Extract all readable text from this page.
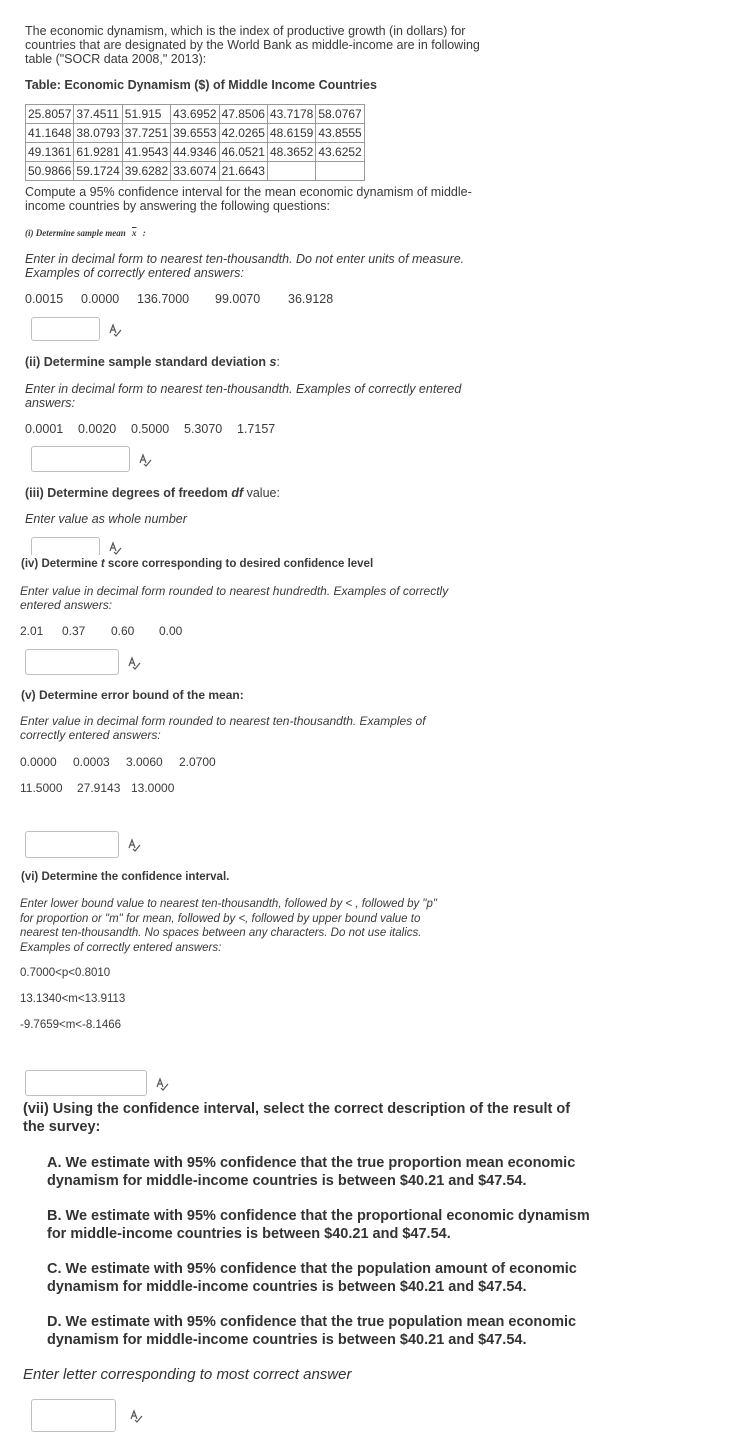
The economic dynamism, which is the index of productive growth (in dollars) for
countries that are designated by the World Bank as middle-income are in following
table ("SOCR data 2008," 2013):
Table: Economic Dynamism ($) of Middle Income Countries
25.8057	37.4511	51.915	43.6952	47.8506	43.7178	58.0767
41.1648	38.0793	37.7251	39.6553	42.0265	48.6159	43.8555
49.1361	61.9281	41.9543	44.9346	46.0521	48.3652	43.6252
50.9866	59.1724	39.6282	33.6074	21.6643		
Compute a 95% confidence interval for the mean economic dynamism of middle-
income countries by answering the following questions:
(i) Determine sample mean $\overline{x}$ :
Enter in decimal form to nearest ten-thousandth. Do not enter units of measure.
Examples of correctly entered answers:
0.0015 0.0000 136.7000 99.0070 36.9128
(ii) Determine sample standard deviation s:
Enter in decimal form to nearest ten-thousandth. Examples of correctly entered
answers:
0.0001 0.0020 0.5000 5.3070 1.7157
(iii) Determine degrees of freedom df value:
Enter value as whole number
(iv) Determine t score corresponding to desired confidence level
Enter value in decimal form rounded to nearest hundredth. Examples of correctly
entered answers:
2.01 0.37 0.60 0.00
(v) Determine error bound of the mean:
Enter value in decimal form rounded to nearest ten-thousandth. Examples of
correctly entered answers:
0.0000 0.0003 3.0060 2.0700
11.5000 27.9143 13.0000
(vi) Determine the confidence interval.
Enter lower bound value to nearest ten-thousandth, followed by < , followed by "p"
for proportion or "m" for mean, followed by <, followed by upper bound value to
nearest ten-thousandth. No spaces between any characters. Do not use italics.
Examples of correctly entered answers:
0.7000<p<0.8010
13.1340<m<13.9113
-9.7659<m<-8.1466
(vii) Using the confidence interval, select the correct description of the result of
the survey:
A. We estimate with 95% confidence that the true proportion mean economic
dynamism for middle-income countries is between $40.21 and $47.54.
B. We estimate with 95% confidence that the proportional economic dynamism
for middle-income countries is between $40.21 and $47.54.
C. We estimate with 95% confidence that the population amount of economic
dynamism for middle-income countries is between $40.21 and $47.54.
D. We estimate with 95% confidence that the true population mean economic
dynamism for middle-income countries is between $40.21 and $47.54.
Enter letter corresponding to most correct answer
